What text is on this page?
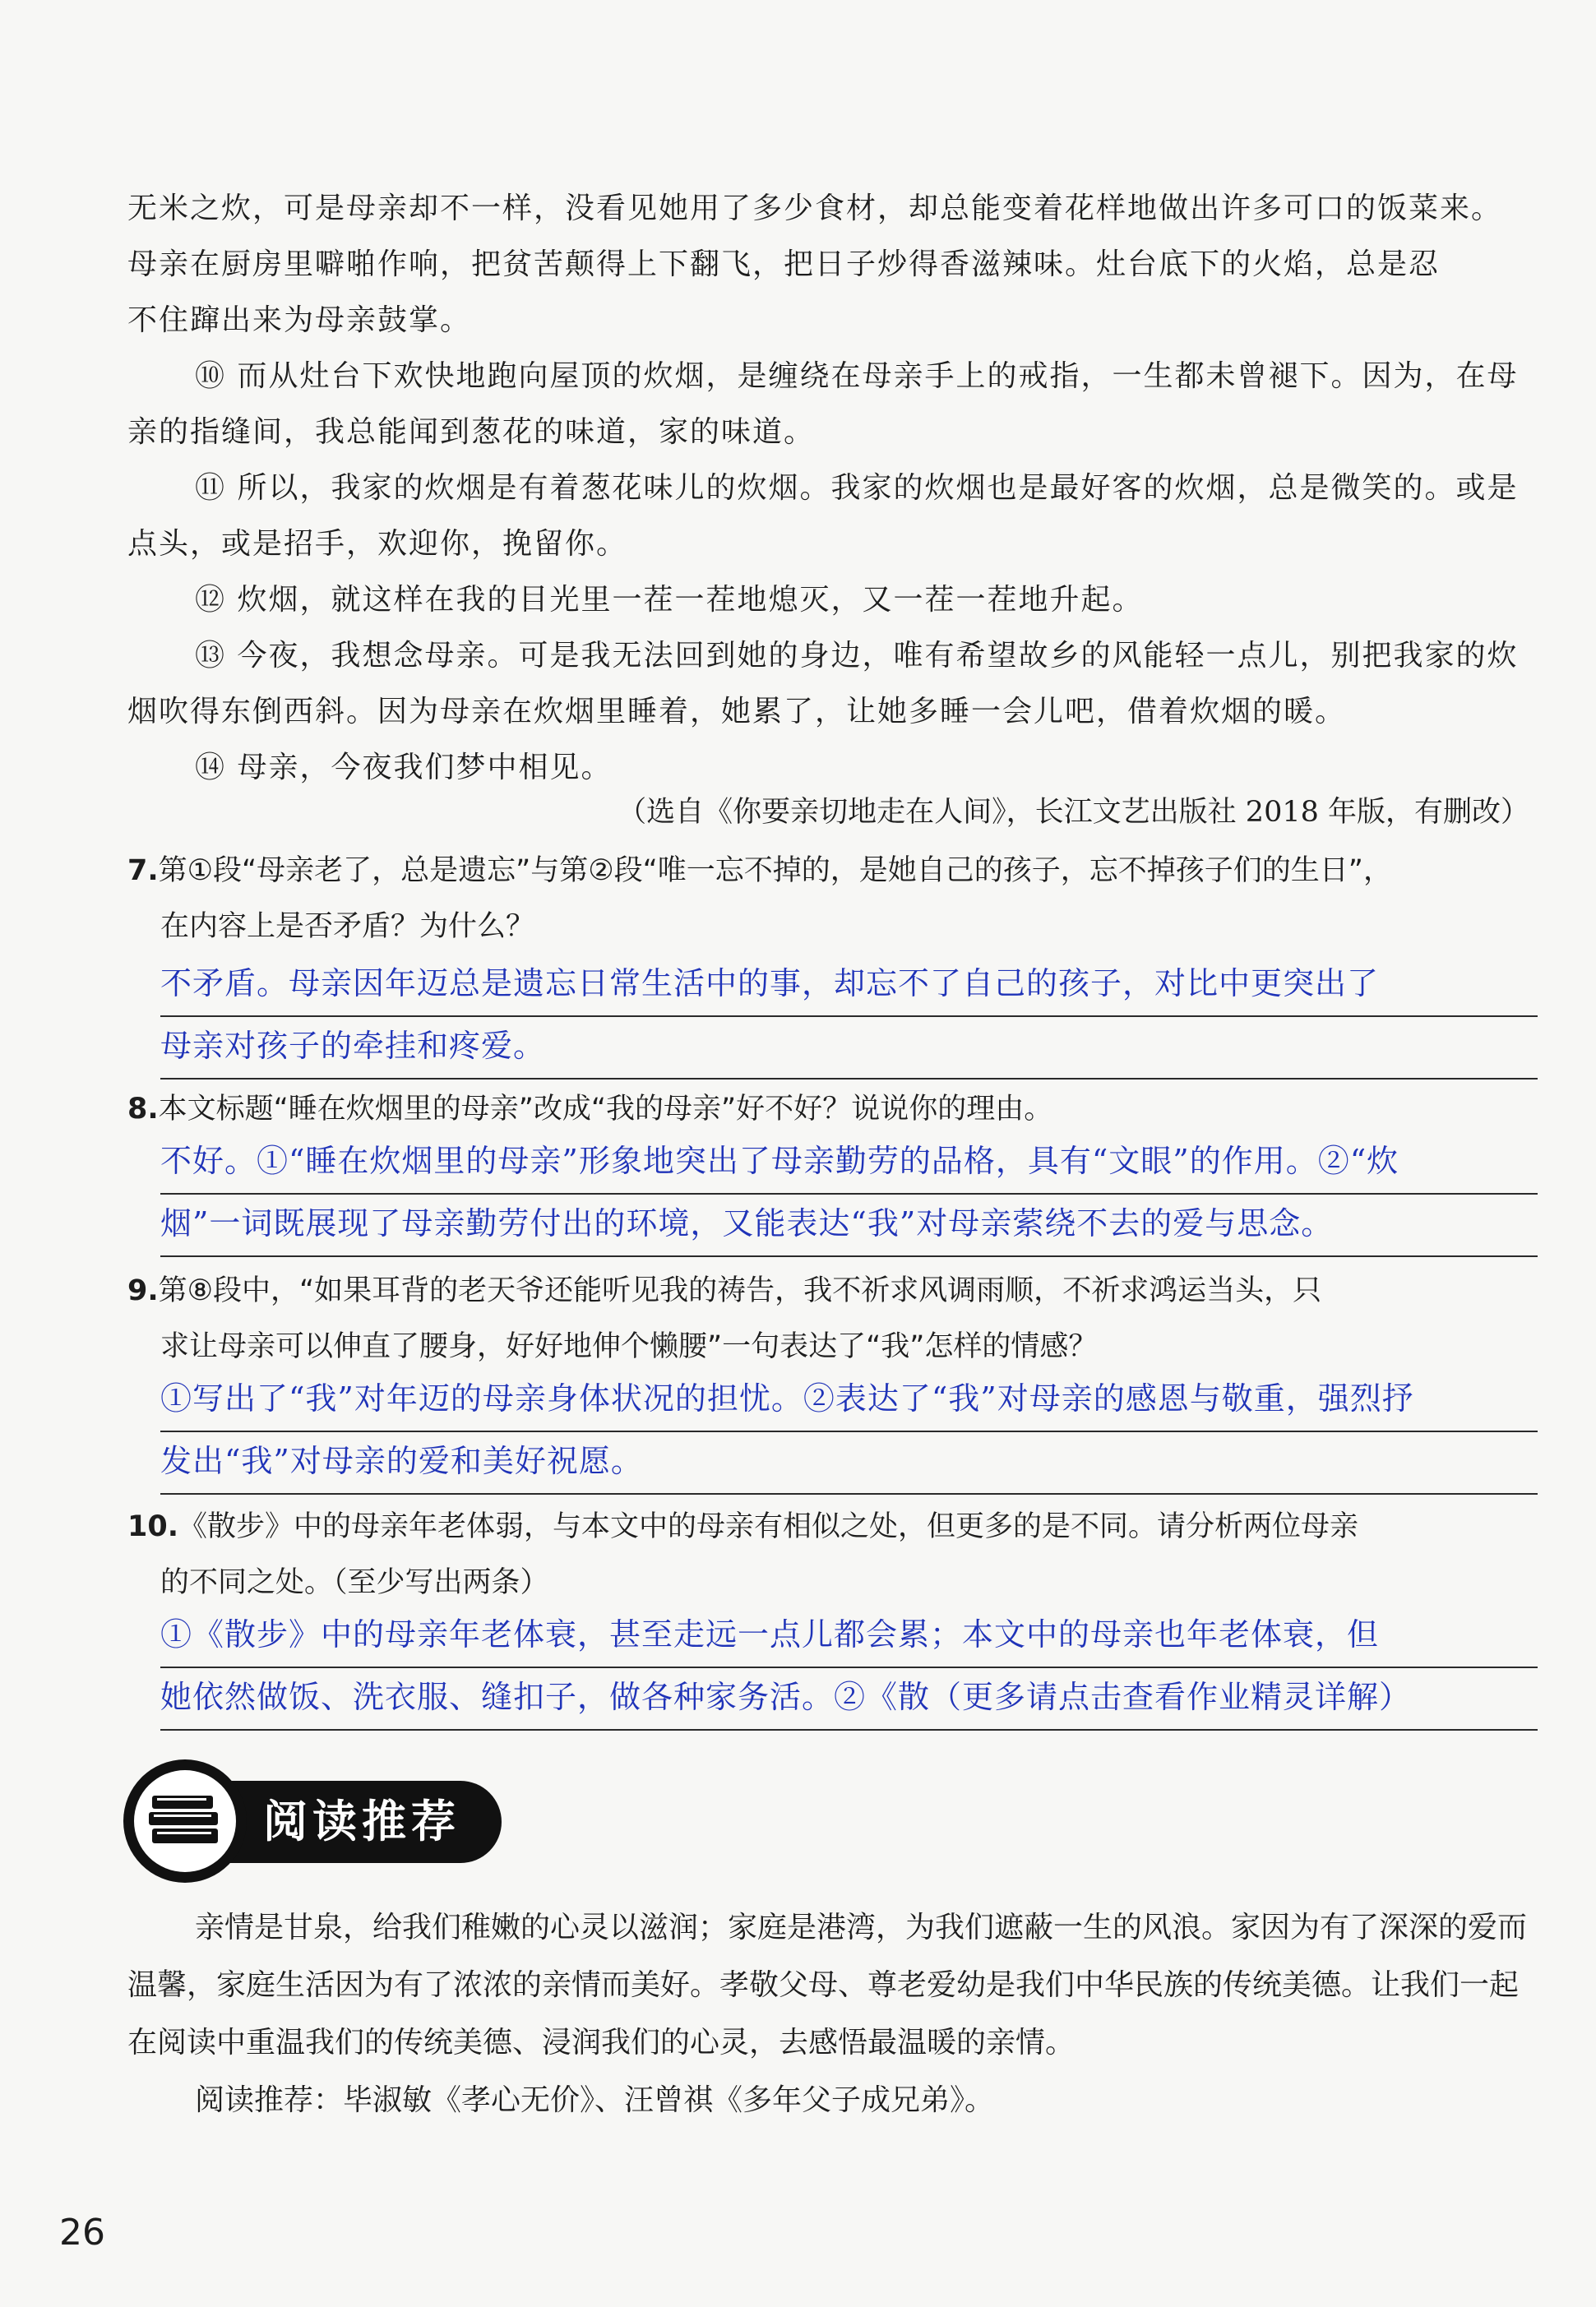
无米之炊，可是母亲却不一样，没看见她用了多少食材，却总能变着花样地做出许多可口的饭菜来。

母亲在厨房里噼啪作响，把贫苦颠得上下翻飞，把日子炒得香滋辣味。灶台底下的火焰，总是忍

不住蹿出来为母亲鼓掌。

⑩ 而从灶台下欢快地跑向屋顶的炊烟，是缠绕在母亲手上的戒指，一生都未曾褪下。因为，在母亲的指缝间，我总能闻到葱花的味道，家的味道。

⑪ 所以，我家的炊烟是有着葱花味儿的炊烟。我家的炊烟也是最好客的炊烟，总是微笑的。或是点头，或是招手，欢迎你，挽留你。

⑫ 炊烟，就这样在我的目光里一茬一茬地熄灭，又一茬一茬地升起。

⑬ 今夜，我想念母亲。可是我无法回到她的身边，唯有希望故乡的风能轻一点儿，别把我家的炊烟吹得东倒西斜。因为母亲在炊烟里睡着，她累了，让她多睡一会儿吧，借着炊烟的暖。

⑭ 母亲，今夜我们梦中相见。

（选自《你要亲切地走在人间》，长江文艺出版社 2018 年版，有删改）
7.第①段“母亲老了，总是遗忘”与第②段“唯一忘不掉的，是她自己的孩子，忘不掉孩子们的生日”，
在内容上是否矛盾？为什么？
不矛盾。母亲因年迈总是遗忘日常生活中的事，却忘不了自己的孩子，对比中更突出了
母亲对孩子的牵挂和疼爱。
8.本文标题“睡在炊烟里的母亲”改成“我的母亲”好不好？说说你的理由。
不好。①“睡在炊烟里的母亲”形象地突出了母亲勤劳的品格，具有“文眼”的作用。②“炊
烟”一词既展现了母亲勤劳付出的环境，又能表达“我”对母亲萦绕不去的爱与思念。
9.第⑧段中，“如果耳背的老天爷还能听见我的祷告，我不祈求风调雨顺，不祈求鸿运当头，只
求让母亲可以伸直了腰身，好好地伸个懒腰”一句表达了“我”怎样的情感？
①写出了“我”对年迈的母亲身体状况的担忧。②表达了“我”对母亲的感恩与敬重，强烈抒
发出“我”对母亲的爱和美好祝愿。
10.《散步》中的母亲年老体弱，与本文中的母亲有相似之处，但更多的是不同。请分析两位母亲
的不同之处。（至少写出两条）
①《散步》中的母亲年老体衰，甚至走远一点儿都会累；本文中的母亲也年老体衰，但
她依然做饭、洗衣服、缝扣子，做各种家务活。②《散（更多请点击查看作业精灵详解）
阅读推荐

亲情是甘泉，给我们稚嫩的心灵以滋润；家庭是港湾，为我们遮蔽一生的风浪。家因为有了深深的爱而温馨，家庭生活因为有了浓浓的亲情而美好。孝敬父母、尊老爱幼是我们中华民族的传统美德。让我们一起在阅读中重温我们的传统美德、浸润我们的心灵，去感悟最温暖的亲情。

阅读推荐：毕淑敏《孝心无价》、汪曾祺《多年父子成兄弟》。

26
